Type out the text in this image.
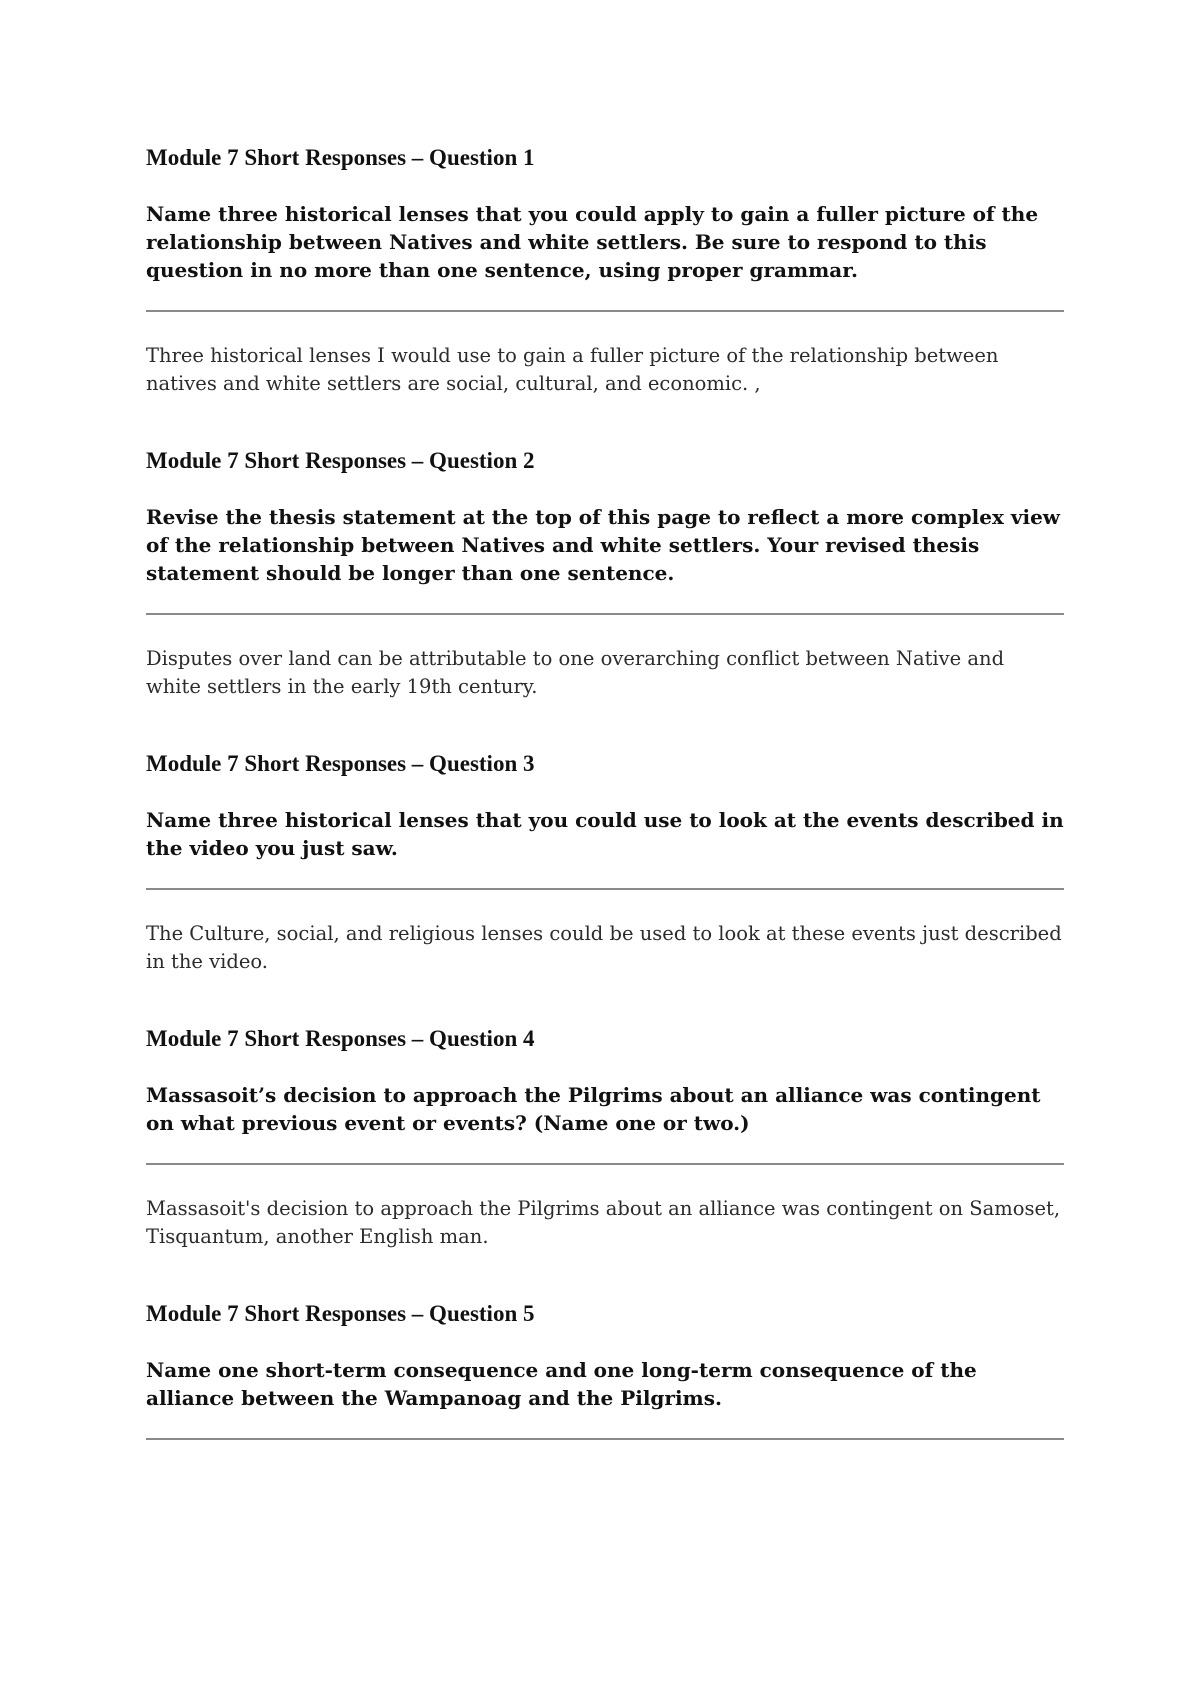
Module 7 Short Responses – Question 1

Name three historical lenses that you could apply to gain a fuller picture of the relationship between Natives and white settlers. Be sure to respond to this question in no more than one sentence, using proper grammar.

Three historical lenses I would use to gain a fuller picture of the relationship between natives and white settlers are social, cultural, and economic. ,

Module 7 Short Responses – Question 2

Revise the thesis statement at the top of this page to reflect a more complex view of the relationship between Natives and white settlers. Your revised thesis statement should be longer than one sentence.

Disputes over land can be attributable to one overarching conflict between Native and white settlers in the early 19th century.

Module 7 Short Responses – Question 3

Name three historical lenses that you could use to look at the events described in the video you just saw.

The Culture, social, and religious lenses could be used to look at these events just described in the video.

Module 7 Short Responses – Question 4

Massasoit’s decision to approach the Pilgrims about an alliance was contingent on what previous event or events? (Name one or two.)

Massasoit's decision to approach the Pilgrims about an alliance was contingent on Samoset, Tisquantum, another English man.

Module 7 Short Responses – Question 5

Name one short-term consequence and one long-term consequence of the alliance between the Wampanoag and the Pilgrims.
